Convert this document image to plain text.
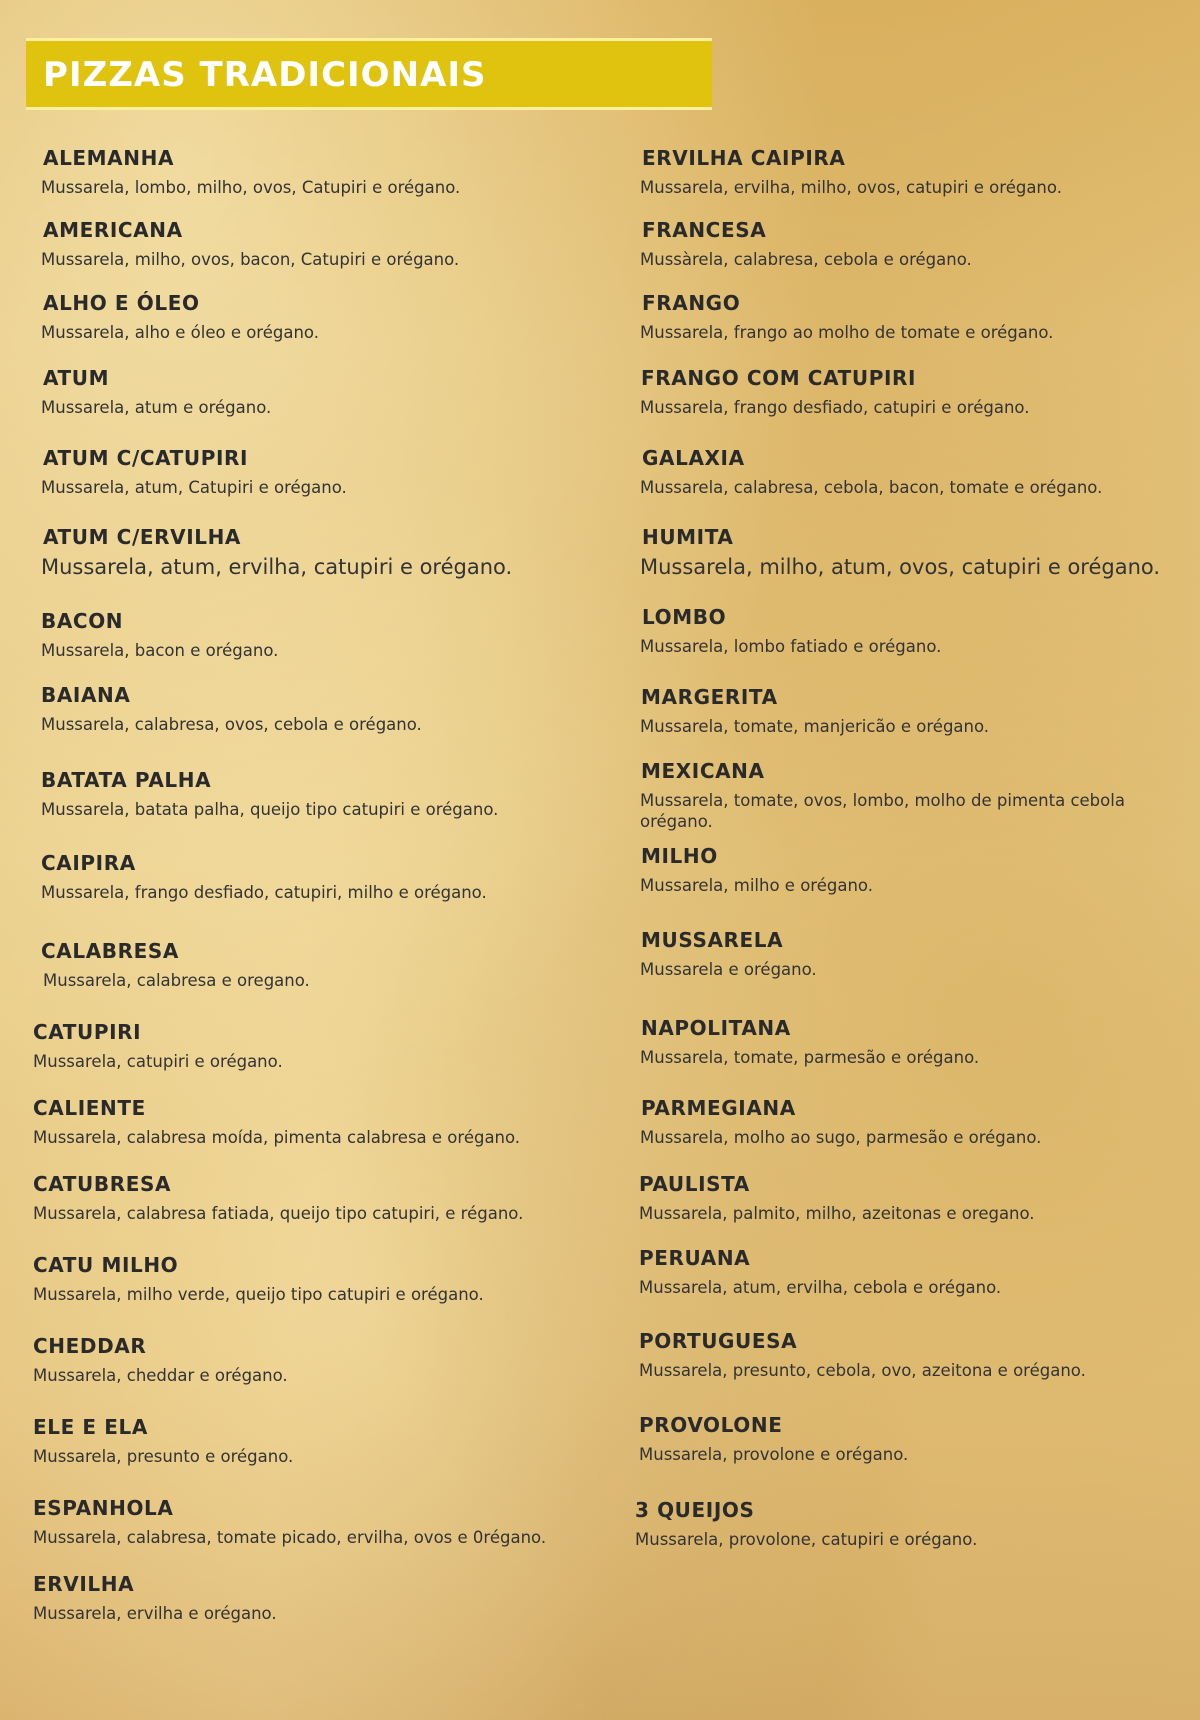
PIZZAS TRADICIONAIS
ALEMANHA
Mussarela, lombo, milho, ovos, Catupiri e orégano.
AMERICANA
Mussarela, milho, ovos, bacon, Catupiri e orégano.
ALHO E ÓLEO
Mussarela, alho e óleo e orégano.
ATUM
Mussarela, atum e orégano.
ATUM C/CATUPIRI
Mussarela, atum, Catupiri e orégano.
ATUM C/ERVILHA
Mussarela, atum, ervilha, catupiri e orégano.
BACON
Mussarela, bacon e orégano.
BAIANA
Mussarela, calabresa, ovos, cebola e orégano.
BATATA PALHA
Mussarela, batata palha, queijo tipo catupiri e orégano.
CAIPIRA
Mussarela, frango desfiado, catupiri, milho e orégano.
CALABRESA
Mussarela, calabresa e oregano.
CATUPIRI
Mussarela, catupiri e orégano.
CALIENTE
Mussarela, calabresa moída, pimenta calabresa e orégano.
CATUBRESA
Mussarela, calabresa fatiada, queijo tipo catupiri, e régano.
CATU MILHO
Mussarela, milho verde, queijo tipo catupiri e orégano.
CHEDDAR
Mussarela, cheddar e orégano.
ELE E ELA
Mussarela, presunto e orégano.
ESPANHOLA
Mussarela, calabresa, tomate picado, ervilha, ovos e 0régano.
ERVILHA
Mussarela, ervilha e orégano.
ERVILHA CAIPIRA
Mussarela, ervilha, milho, ovos, catupiri e orégano.
FRANCESA
Mussàrela, calabresa, cebola e orégano.
FRANGO
Mussarela, frango ao molho de tomate e orégano.
FRANGO COM CATUPIRI
Mussarela, frango desfiado, catupiri e orégano.
GALAXIA
Mussarela, calabresa, cebola, bacon, tomate e orégano.
HUMITA
Mussarela, milho, atum, ovos, catupiri e orégano.
LOMBO
Mussarela, lombo fatiado e orégano.
MARGERITA
Mussarela, tomate, manjericão e orégano.
MEXICANA
Mussarela, tomate, ovos, lombo, molho de pimenta cebola orégano.
MILHO
Mussarela, milho e orégano.
MUSSARELA
Mussarela e orégano.
NAPOLITANA
Mussarela, tomate, parmesão e orégano.
PARMEGIANA
Mussarela, molho ao sugo, parmesão e orégano.
PAULISTA
Mussarela, palmito, milho, azeitonas e oregano.
PERUANA
Mussarela, atum, ervilha, cebola e orégano.
PORTUGUESA
Mussarela, presunto, cebola, ovo, azeitona e orégano.
PROVOLONE
Mussarela, provolone e orégano.
3 QUEIJOS
Mussarela, provolone, catupiri e orégano.
